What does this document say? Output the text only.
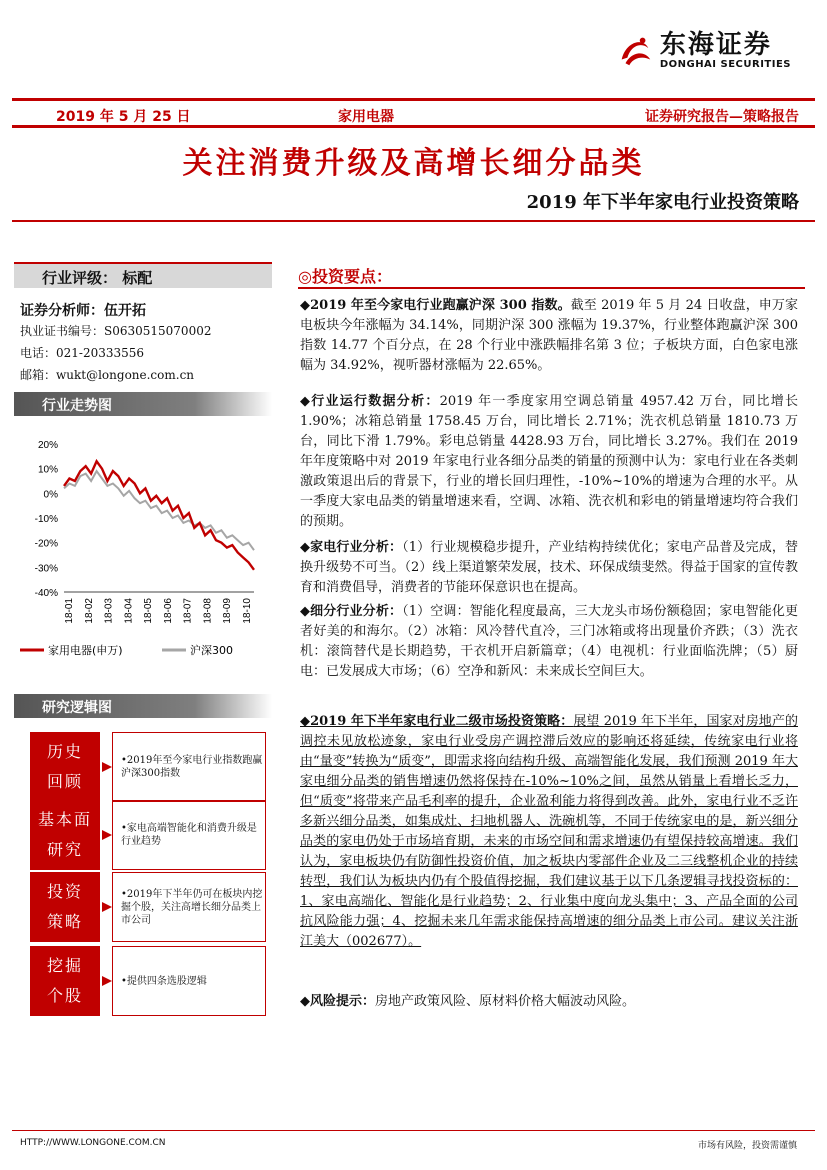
东海证券
DONGHAI SECURITIES
2019 年 5 月 25 日	家用电器	证券研究报告—策略报告
关注消费升级及高增长细分品类
2019 年下半年家电行业投资策略
行业评级： 标配
证券分析师：伍开拓
执业证书编号：S0630515070002
电话：021-20333556
邮箱：wukt@longone.com.cn
行业走势图
20%
10%
0%
-10%
-20%
-30%
-40%
18-01 18-02 18-03 18-04 18-05 18-06 18-07 18-08 18-09 18-10
家用电器(申万)	沪深300
研究逻辑图
历史
回顾
•2019年至今家电行业指数跑赢沪深300指数
基本面
研究
•家电高端智能化和消费升级是行业趋势
投资
策略
•2019年下半年仍可在板块内挖掘个股，关注高增长细分品类上市公司
挖掘
个股
•提供四条选股逻辑
◎投资要点：

◆2019 年至今家电行业跑赢沪深 300 指数。截至 2019 年 5 月 24 日收盘，申万家电板块今年涨幅为 34.14%，同期沪深 300 涨幅为 19.37%，行业整体跑赢沪深 300 指数 14.77 个百分点，在 28 个行业中涨跌幅排名第 3 位；子板块方面，白色家电涨幅为 34.92%，视听器材涨幅为 22.65%。

◆行业运行数据分析：2019 年一季度家用空调总销量 4957.42 万台，同比增长 1.90%；冰箱总销量 1758.45 万台，同比增长 2.71%；洗衣机总销量 1810.73 万台，同比下滑 1.79%。彩电总销量 4428.93 万台，同比增长 3.27%。我们在 2019 年年度策略中对 2019 年家电行业各细分品类的销量的预测中认为：家电行业在各类刺激政策退出后的背景下，行业的增长回归理性，-10%~10%的增速为合理的水平。从一季度大家电品类的销量增速来看，空调、冰箱、洗衣机和彩电的销量增速均符合我们的预期。

◆家电行业分析：（1）行业规模稳步提升，产业结构持续优化；家电产品普及完成，替换升级势不可当。（2）线上渠道繁荣发展，技术、环保成绩斐然。得益于国家的宣传教育和消费倡导，消费者的节能环保意识也在提高。

◆细分行业分析：（1）空调：智能化程度最高，三大龙头市场份额稳固；家电智能化更者好美的和海尔。（2）冰箱：风冷替代直冷，三门冰箱或将出现量价齐跌；（3）洗衣机：滚筒替代是长期趋势，干衣机开启新篇章；（4）电视机：行业面临洗牌；（5）厨电：已发展成大市场；（6）空净和新风：未来成长空间巨大。

◆2019 年下半年家电行业二级市场投资策略：展望 2019 年下半年，国家对房地产的调控未见放松迹象，家电行业受房产调控滞后效应的影响还将延续，传统家电行业将由“量变”转换为“质变”，即需求将向结构升级、高端智能化发展，我们预测 2019 年大家电细分品类的销售增速仍然将保持在-10%~10%之间，虽然从销量上看增长乏力，但“质变”将带来产品毛利率的提升，企业盈利能力将得到改善。此外，家电行业不乏许多新兴细分品类，如集成灶、扫地机器人、洗碗机等，不同于传统家电的是，新兴细分品类的家电仍处于市场培育期，未来的市场空间和需求增速仍有望保持较高增速。我们认为，家电板块仍有防御性投资价值，加之板块内零部件企业及二三线整机企业的持续转型，我们认为板块内仍有个股值得挖掘，我们建议基于以下几条逻辑寻找投资标的：1、家电高端化、智能化是行业趋势；2、行业集中度向龙头集中；3、产品全面的公司抗风险能力强；4、挖掘未来几年需求能保持高增速的细分品类上市公司。建议关注浙江美大（002677）。

◆风险提示：房地产政策风险、原材料价格大幅波动风险。

HTTP://WWW.LONGONE.COM.CN	市场有风险，投资需谨慎
